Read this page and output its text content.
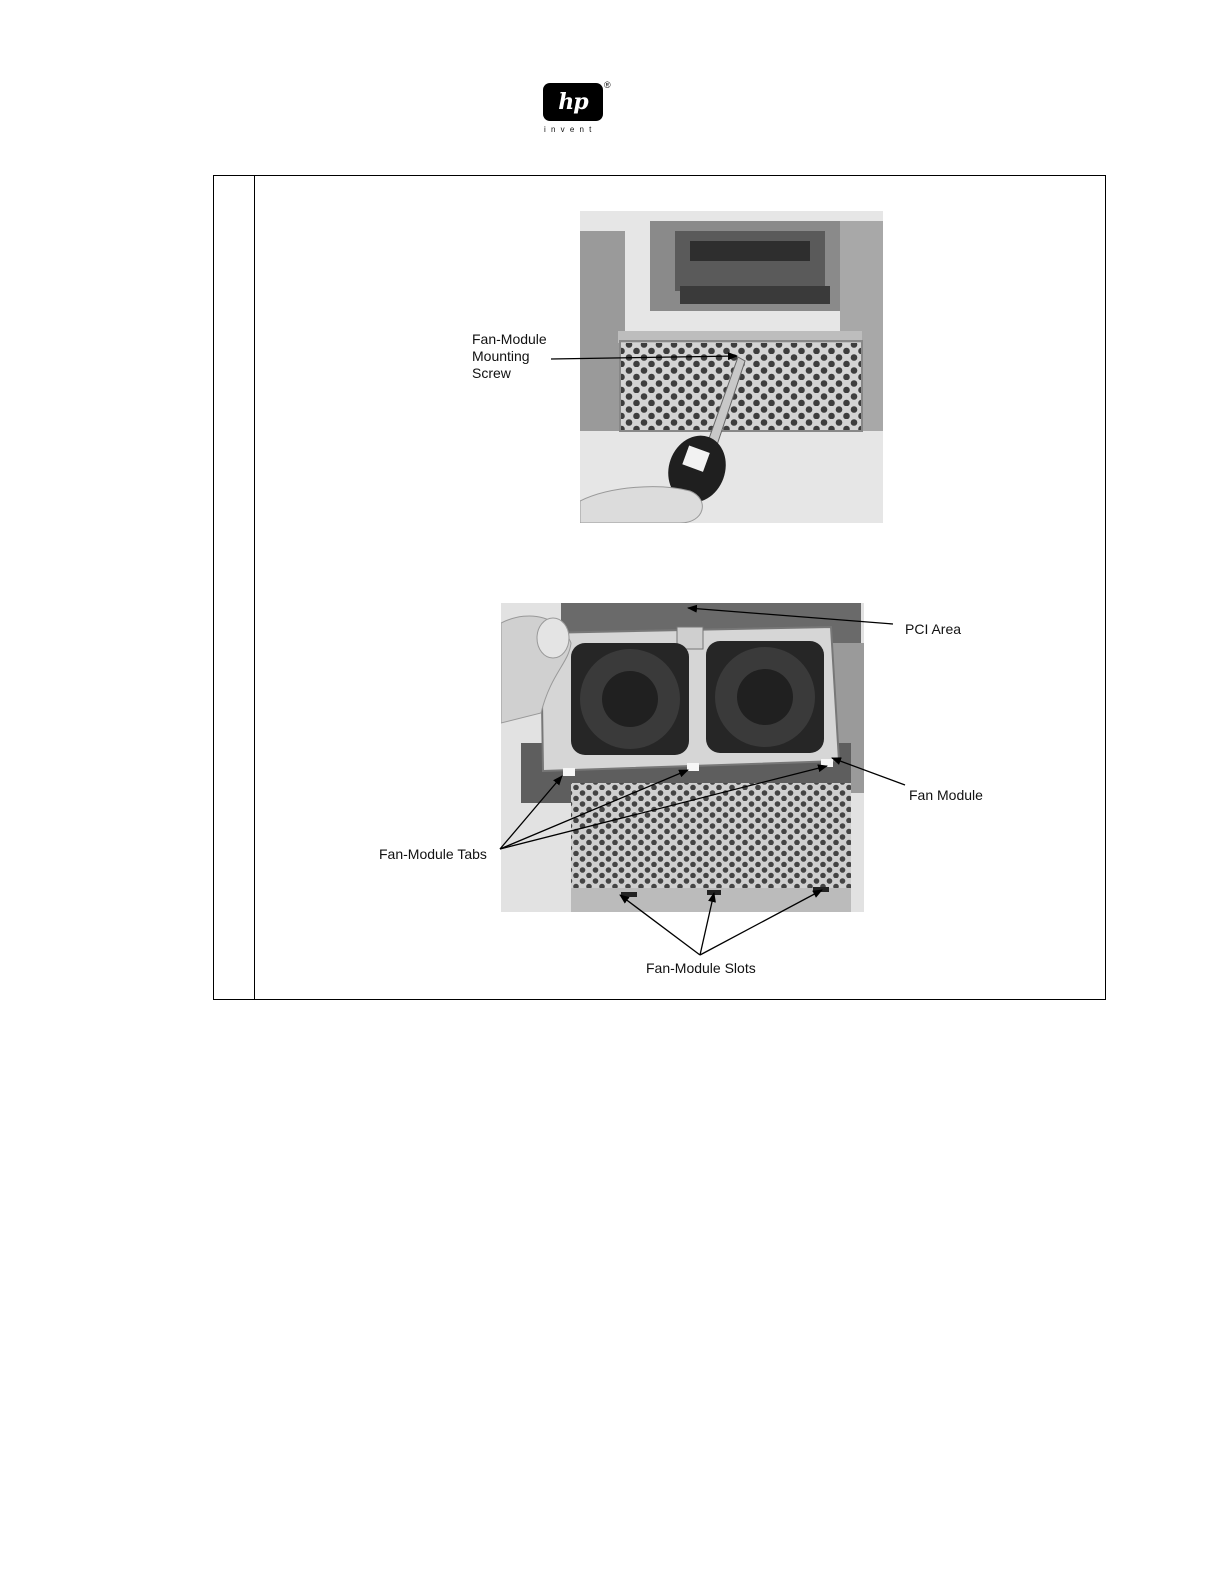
hp
®
invent
Fan-Module
Mounting
Screw
PCI Area
Fan Module
Fan-Module Tabs
Fan-Module Slots
